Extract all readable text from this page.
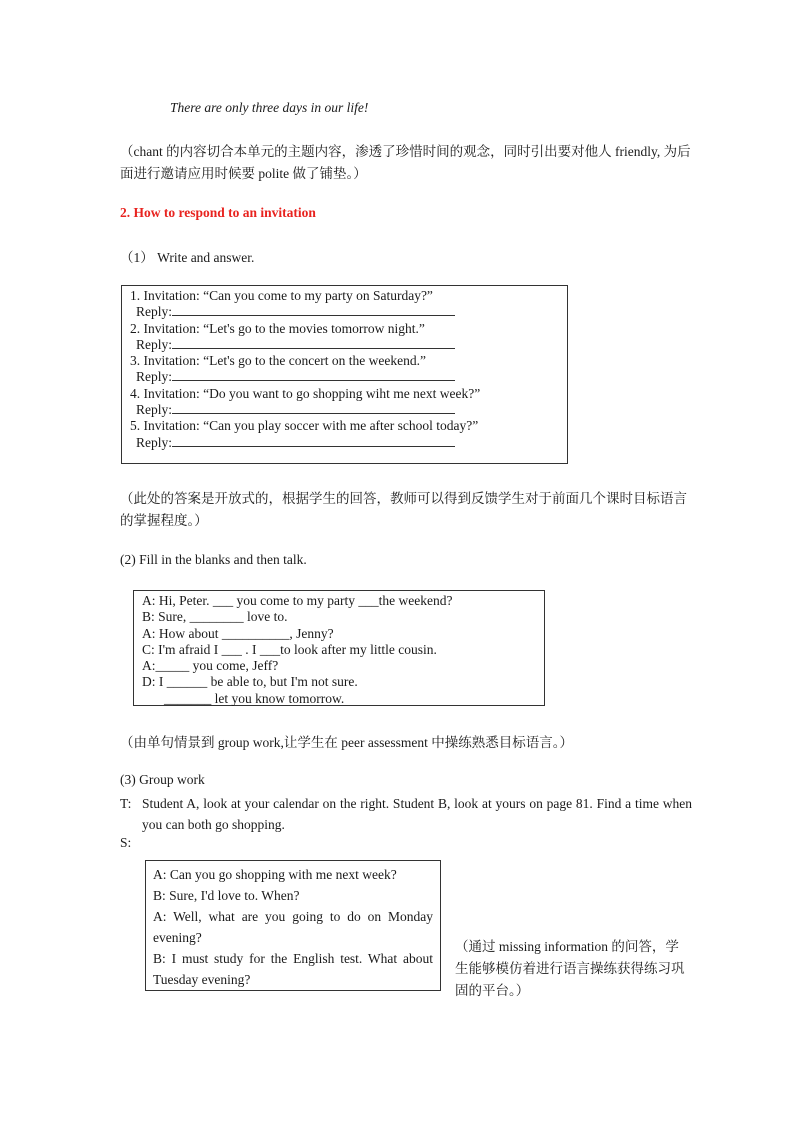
There are only three days in our life!
（chant 的内容切合本单元的主题内容，渗透了珍惜时间的观念，同时引出要对他人 friendly, 为后面进行邀请应用时候要 polite 做了铺垫。）
2. How to respond to an invitation
（1） Write and answer.
1. Invitation: “Can you come to my party on Saturday?”
Reply:
2. Invitation: “Let's go to the movies tomorrow night.”
Reply:
3. Invitation: “Let's go to the concert on the weekend.”
Reply:
4. Invitation: “Do you want to go shopping wiht me next week?”
Reply:
5. Invitation: “Can you play soccer with me after school today?”
Reply:
（此处的答案是开放式的，根据学生的回答，教师可以得到反馈学生对于前面几个课时目标语言的掌握程度。）
(2) Fill in the blanks and then talk.
A: Hi, Peter. ___ you come to my party ___the weekend?
B: Sure, ________ love to.
A: How about __________, Jenny?
C: I'm afraid I ___ . I ___to look after my little cousin.
A:_____ you come, Jeff?
D: I ______ be able to, but I'm not sure.
_______ let you know tomorrow.
（由单句情景到 group work,让学生在 peer assessment 中操练熟悉目标语言。）
(3) Group work
T: Student A, look at your calendar on the right. Student B, look at yours on page 81. Find a time when you can both go shopping.
S:
A: Can you go shopping with me next week?
B: Sure, I'd love to. When?
A: Well, what are you going to do on Monday evening?
B: I must study for the English test. What about Tuesday evening?
（通过 missing information 的问答，学生能够模仿着进行语言操练获得练习巩固的平台。）
